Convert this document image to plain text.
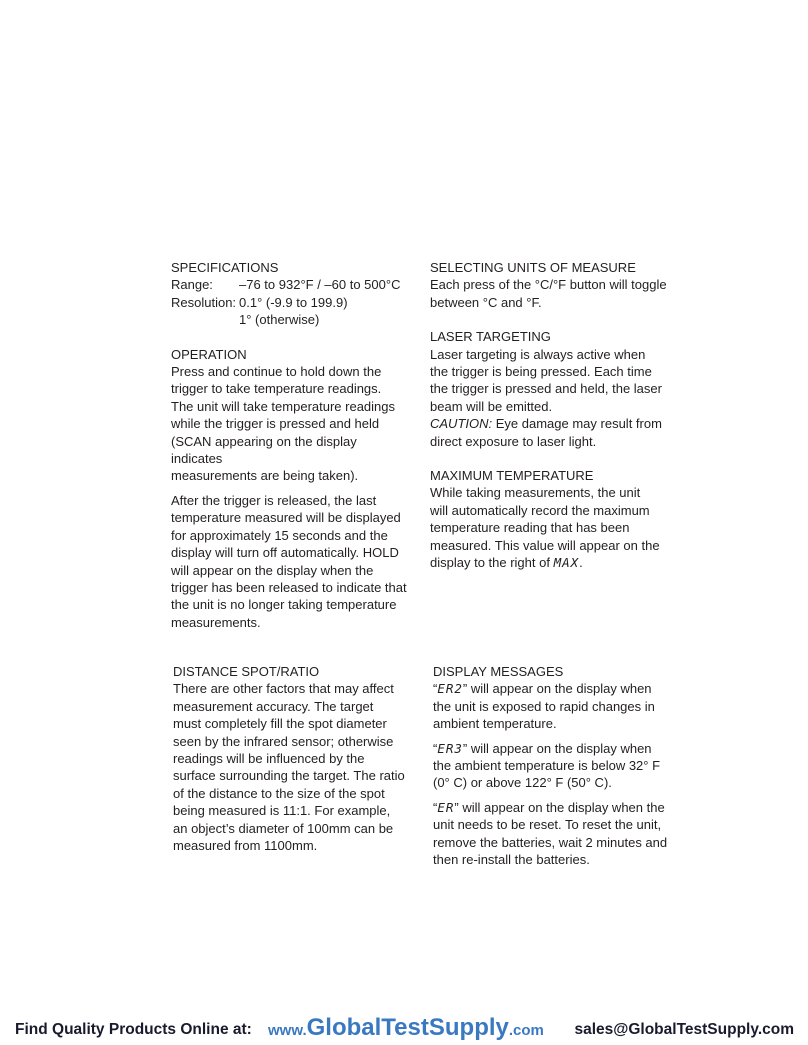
SPECIFICATIONS

Range:	–76 to 932°F / –60 to 500°C
Resolution: 0.1° (-9.9 to 199.9)
1° (otherwise)

OPERATION

Press and continue to hold down the

trigger to take temperature readings.

The unit will take temperature readings

while the trigger is pressed and held

(SCAN appearing on the display indicates

measurements are being taken).

After the trigger is released, the last

temperature measured will be displayed

for approximately 15 seconds and the

display will turn off automatically. HOLD

will appear on the display when the

trigger has been released to indicate that

the unit is no longer taking temperature

measurements.

SELECTING UNITS OF MEASURE

Each press of the °C/°F button will toggle

between °C and °F.

LASER TARGETING

Laser targeting is always active when

the trigger is being pressed. Each time

the trigger is pressed and held, the laser

beam will be emitted.

CAUTION: Eye damage may result from

direct exposure to laser light.

MAXIMUM TEMPERATURE

While taking measurements, the unit

will automatically record the maximum

temperature reading that has been

measured. This value will appear on the

display to the right of MAX.

DISTANCE SPOT/RATIO

There are other factors that may affect

measurement accuracy. The target

must completely fill the spot diameter

seen by the infrared sensor; otherwise

readings will be influenced by the

surface surrounding the target. The ratio

of the distance to the size of the spot

being measured is 11:1. For example,

an object’s diameter of 100mm can be

measured from 1100mm.

DISPLAY MESSAGES

“ER2” will appear on the display when

the unit is exposed to rapid changes in

ambient temperature.

“ER3” will appear on the display when

the ambient temperature is below 32° F

(0° C) or above 122° F (50° C).

“ER” will appear on the display when the

unit needs to be reset. To reset the unit,

remove the batteries, wait 2 minutes and

then re-install the batteries.

Find Quality Products Online at: www.GlobalTestSupply.com sales@GlobalTestSupply.com
